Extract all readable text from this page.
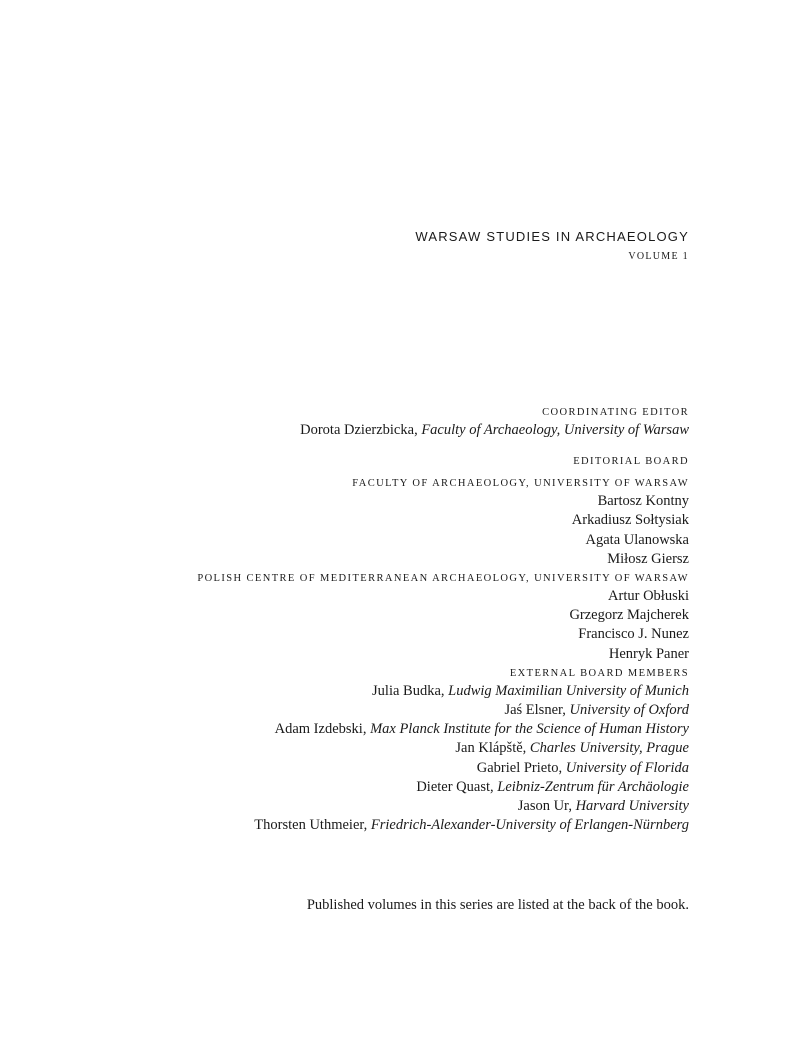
WARSAW STUDIES IN ARCHAEOLOGY
VOLUME 1
COORDINATING EDITOR
Dorota Dzierzbicka, Faculty of Archaeology, University of Warsaw
EDITORIAL BOARD
FACULTY OF ARCHAEOLOGY, UNIVERSITY OF WARSAW
Bartosz Kontny
Arkadiusz Sołtysiak
Agata Ulanowska
Miłosz Giersz
POLISH CENTRE OF MEDITERRANEAN ARCHAEOLOGY, UNIVERSITY OF WARSAW
Artur Obłuski
Grzegorz Majcherek
Francisco J. Nunez
Henryk Paner
EXTERNAL BOARD MEMBERS
Julia Budka, Ludwig Maximilian University of Munich
Jaś Elsner, University of Oxford
Adam Izdebski, Max Planck Institute for the Science of Human History
Jan Klápště, Charles University, Prague
Gabriel Prieto, University of Florida
Dieter Quast, Leibniz-Zentrum für Archäologie
Jason Ur, Harvard University
Thorsten Uthmeier, Friedrich-Alexander-University of Erlangen-Nürnberg
Published volumes in this series are listed at the back of the book.
